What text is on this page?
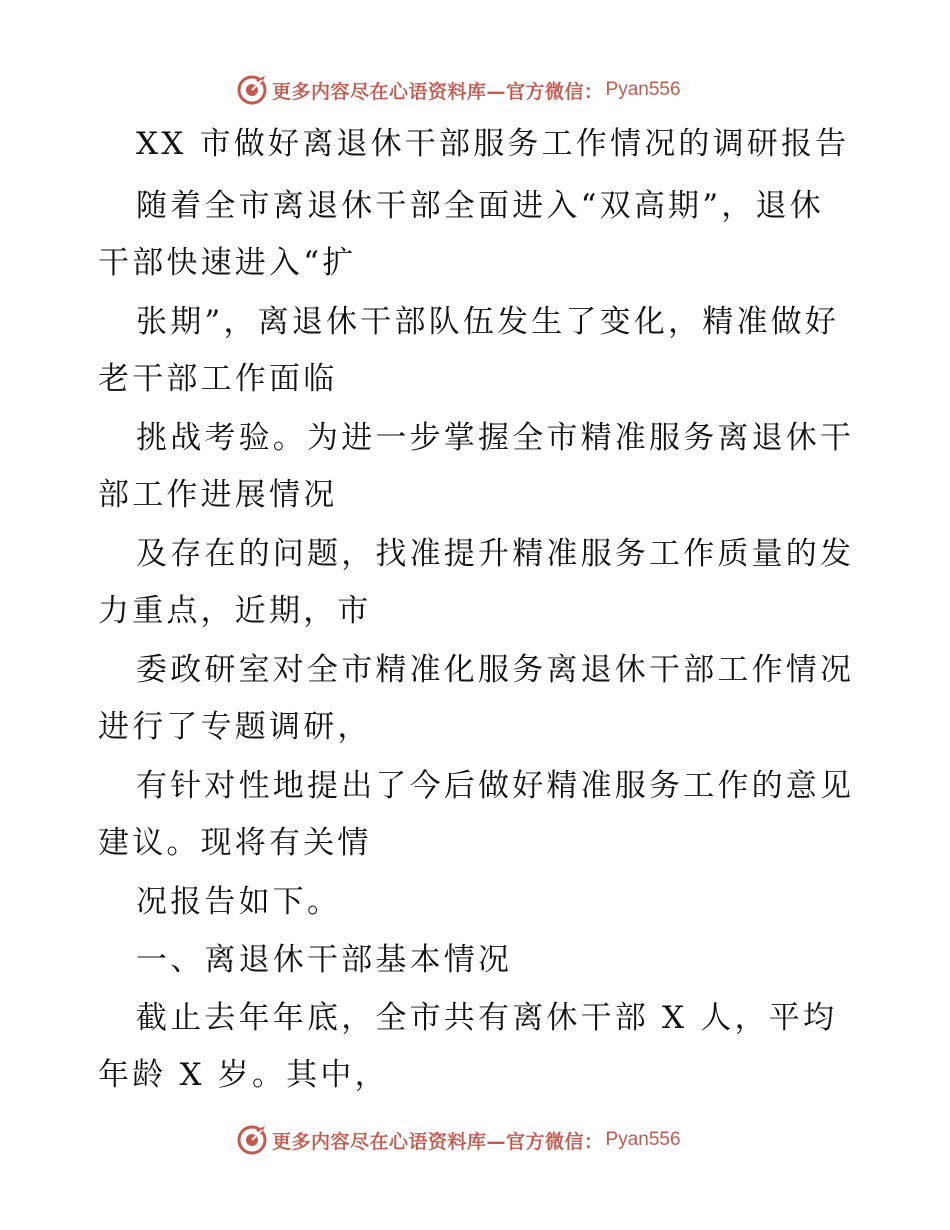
更多内容尽在心语资料库—官方微信： Pyan556
XX 市做好离退休干部服务工作情况的调研报告
随着全市离退休干部全面进入“双高期”，退休
干部快速进入“扩
张期”，离退休干部队伍发生了变化，精准做好
老干部工作面临
挑战考验。为进一步掌握全市精准服务离退休干
部工作进展情况
及存在的问题，找准提升精准服务工作质量的发
力重点，近期，市
委政研室对全市精准化服务离退休干部工作情况
进行了专题调研，
有针对性地提出了今后做好精准服务工作的意见
建议。现将有关情
况报告如下。
一、离退休干部基本情况
截止去年年底，全市共有离休干部 X 人，平均
年龄 X 岁。其中，
更多内容尽在心语资料库—官方微信： Pyan556
